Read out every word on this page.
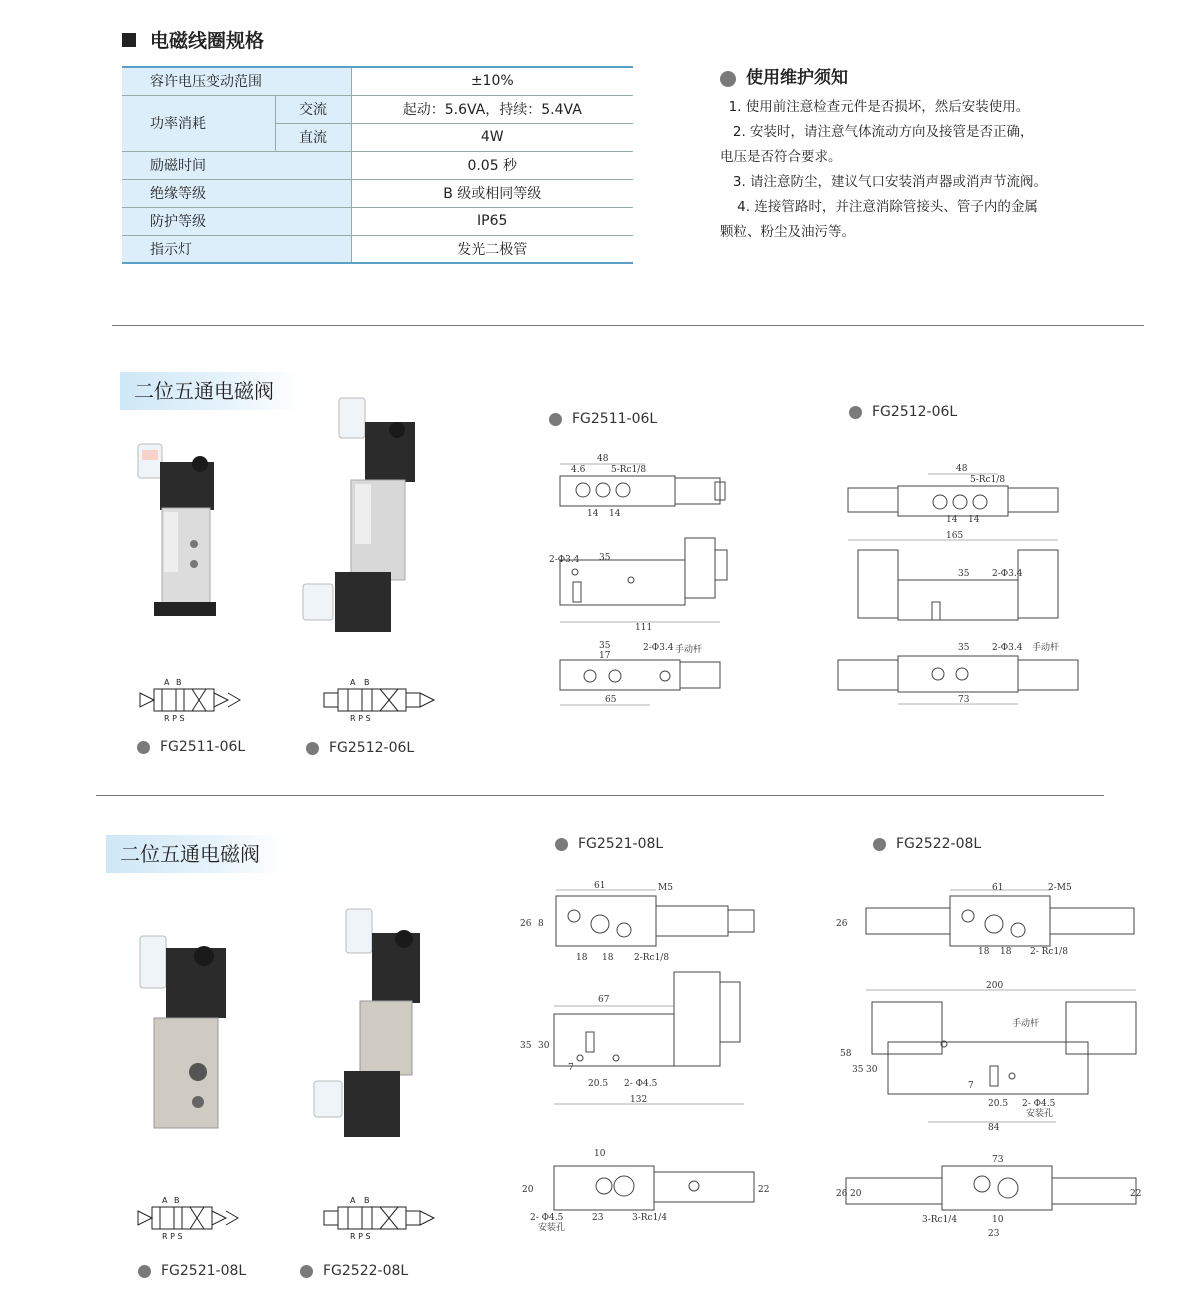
电磁线圈规格
容许电压变动范围		±10%
功率消耗	交流	起动：5.6VA，持续：5.4VA
	直流	4W
励磁时间		0.05 秒
绝缘等级		B 级或相同等级
防护等级		IP65
指示灯		发光二极管
使用维护须知

1. 使用前注意检查元件是否损坏，然后安装使用。

2. 安装时，请注意气体流动方向及接管是否正确，
电压是否符合要求。

3. 请注意防尘，建议气口安装消声器或消声节流阀。

4. 连接管路时，并注意消除管接头、管子内的金属
颗粒、粉尘及油污等。

二位五通电磁阀
A B
R P S
A B
R P S
FG2511-06L	FG2512-06L
FG2511-06L	FG2512-06L
48
4.6	5-Rc1/8
14 14
2-Φ3.4 35
111
35
17
2-Φ3.4 手动杆
65
48
5-Rc1/8
14 14
165
35	2-Φ3.4
35	2-Φ3.4 手动杆
73
二位五通电磁阀
A B
R P S
A B
R P S
FG2521-08L	FG2522-08L
FG2521-08L	FG2522-08L
61	M5
26 8
18 18 2-Rc1/8
67
35 30
7
20.5 2- Φ4.5
132
10
20	22
2- Φ4.5
安装孔
23	3-Rc1/4
61	2-M5
26
18 18 2- Rc1/8
200
手动杆
58
35 30
7
20.5 2- Φ4.5
安装孔
84
73
26 20	22
3-Rc1/4	10
23
